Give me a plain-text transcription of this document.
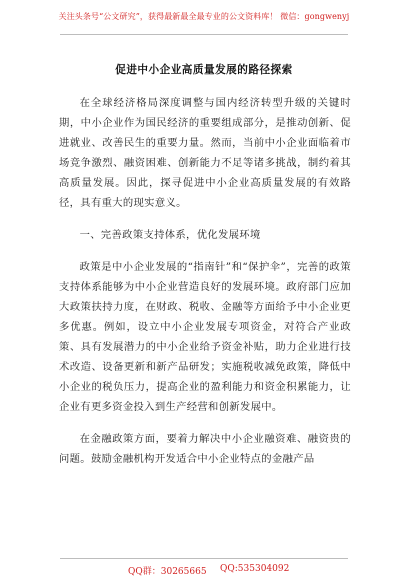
关注头条号“公文研究”，获得最新最全最专业的公文资料库！ 微信：gongwenyj
促进中小企业高质量发展的路径探索

在全球经济格局深度调整与国内经济转型升级的关键时期，中小企业作为国民经济的重要组成部分，是推动创新、促进就业、改善民生的重要力量。然而，当前中小企业面临着市场竞争激烈、融资困难、创新能力不足等诸多挑战，制约着其高质量发展。因此，探寻促进中小企业高质量发展的有效路径，具有重大的现实意义。

一、完善政策支持体系，优化发展环境

政策是中小企业发展的“指南针”和“保护伞”，完善的政策支持体系能够为中小企业营造良好的发展环境。政府部门应加大政策扶持力度，在财政、税收、金融等方面给予中小企业更多优惠。例如，设立中小企业发展专项资金，对符合产业政策、具有发展潜力的中小企业给予资金补贴，助力企业进行技术改造、设备更新和新产品研发；实施税收减免政策，降低中小企业的税负压力，提高企业的盈利能力和资金积累能力，让企业有更多资金投入到生产经营和创新发展中。

在金融政策方面，要着力解决中小企业融资难、融资贵的问题。鼓励金融机构开发适合中小企业特点的金融产品

QQ群：30265665 QQ:535304092
